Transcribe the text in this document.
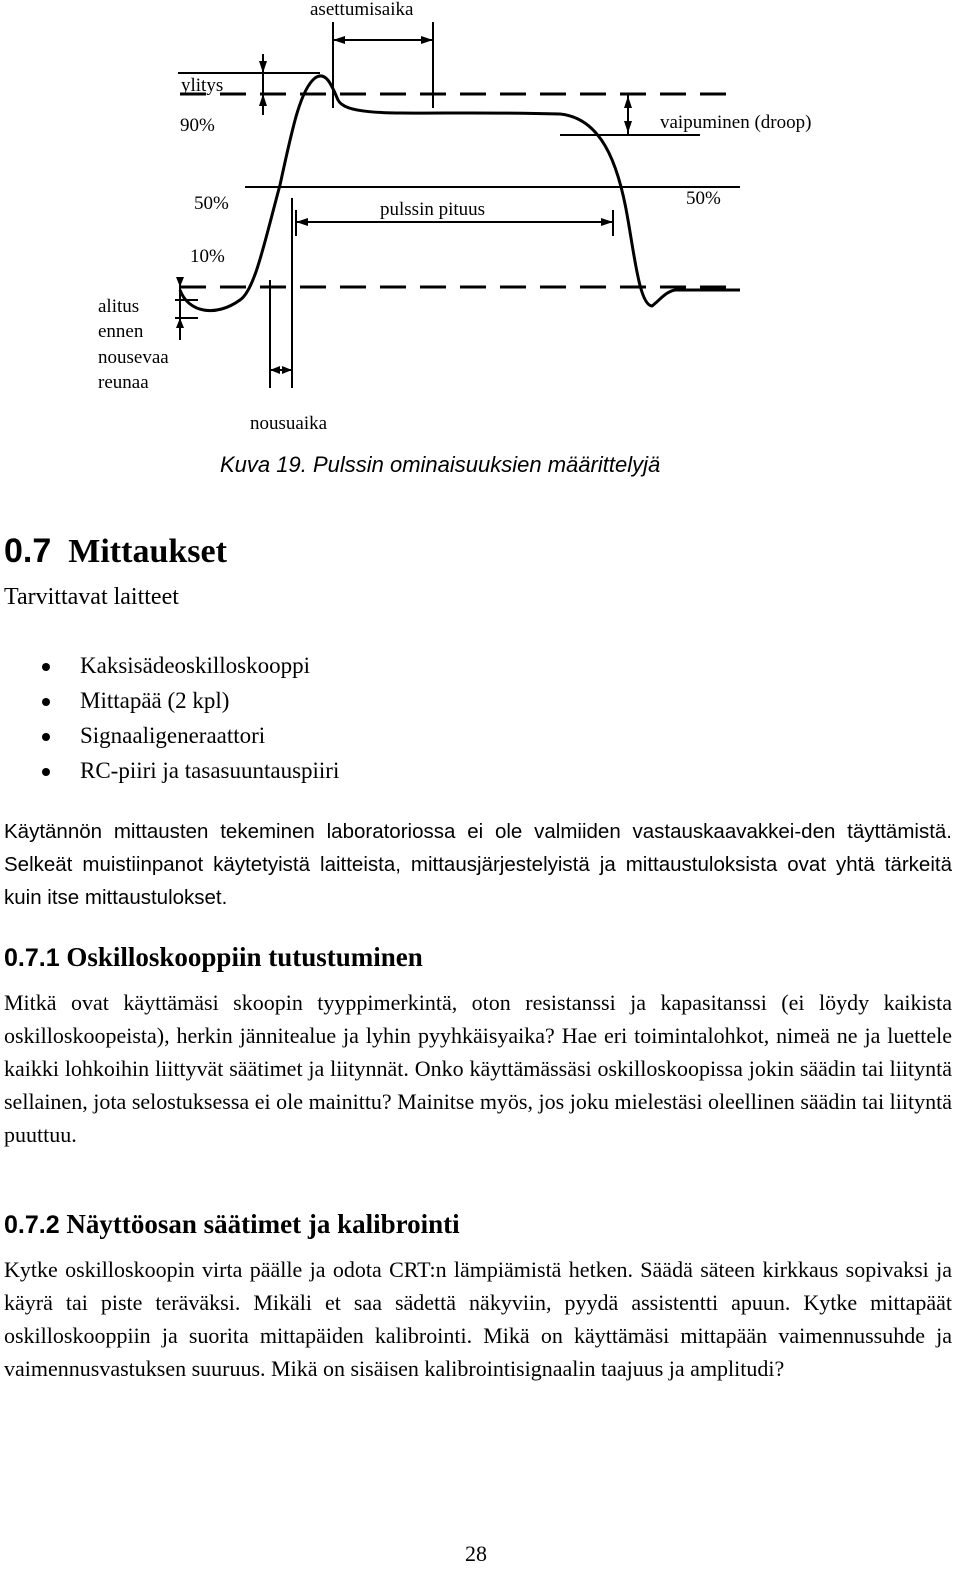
asettumisaika
ylitys
90%	vaipuminen (droop)
50%	pulssin pituus
50%
10%
alitus
ennen
nousevaa
reunaa
nousuaika
Kuva 19. Pulssin ominaisuuksien määrittelyjä
0.7 Mittaukset
Tarvittavat laitteet
Kaksisädeoskilloskooppi
Mittapää (2 kpl)
Signaaligeneraattori
RC-piiri ja tasasuuntauspiiri

Käytännön mittausten tekeminen laboratoriossa ei ole valmiiden vastauskaavakkei-den täyttämistä. Selkeät muistiinpanot käytetyistä laitteista, mittausjärjestelyistä ja mittaustuloksista ovat yhtä tärkeitä kuin itse mittaustulokset.

0.7.1 Oskilloskooppiin tutustuminen

Mitkä ovat käyttämäsi skoopin tyyppimerkintä, oton resistanssi ja kapasitanssi (ei löydy kaikista oskilloskoopeista), herkin jännitealue ja lyhin pyyhkäisyaika? Hae eri toimintalohkot, nimeä ne ja luettele kaikki lohkoihin liittyvät säätimet ja liitynnät. Onko käyttämässäsi oskilloskoopissa jokin säädin tai liityntä sellainen, jota selostuksessa ei ole mainittu? Mainitse myös, jos joku mielestäsi oleellinen säädin tai liityntä puuttuu.

0.7.2 Näyttöosan säätimet ja kalibrointi

Kytke oskilloskoopin virta päälle ja odota CRT:n lämpiämistä hetken. Säädä säteen kirkkaus sopivaksi ja käyrä tai piste teräväksi. Mikäli et saa sädettä näkyviin, pyydä assistentti apuun. Kytke mittapäät oskilloskooppiin ja suorita mittapäiden kalibrointi. Mikä on käyttämäsi mittapään vaimennussuhde ja vaimennusvastuksen suuruus. Mikä on sisäisen kalibrointisignaalin taajuus ja amplitudi?

28
